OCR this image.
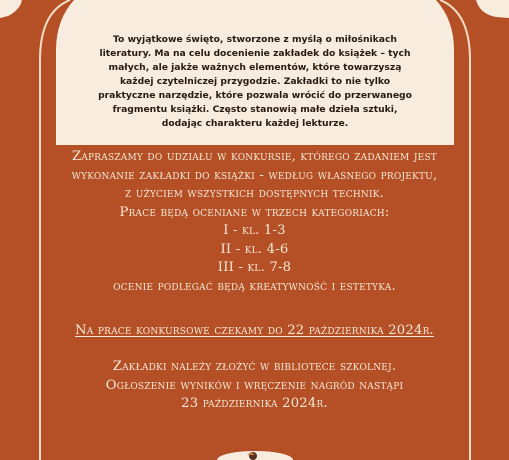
To wyjątkowe święto, stworzone z myślą o miłośnikach
literatury. Ma na celu docenienie zakładek do książek – tych
małych, ale jakże ważnych elementów, które towarzyszą
każdej czytelniczej przygodzie. Zakładki to nie tylko
praktyczne narzędzie, które pozwala wrócić do przerwanego
fragmentu książki. Często stanowią małe dzieła sztuki,
dodając charakteru każdej lekturze.
Zapraszamy do udziału w konkursie, którego zadaniem jest
wykonanie zakładki do książki - według własnego projektu,
z użyciem wszystkich dostępnych technik.
Prace będą oceniane w trzech kategoriach:
I - kl. 1-3
II - kl. 4-6
III - kl. 7-8
ocenie podlegać będą kreatywność i estetyka.
Na prace konkursowe czekamy do 22 października 2024r.
Zakładki należy złożyć w bibliotece szkolnej.
Ogłoszenie wyników i wręczenie nagród nastąpi
23 października 2024r.
